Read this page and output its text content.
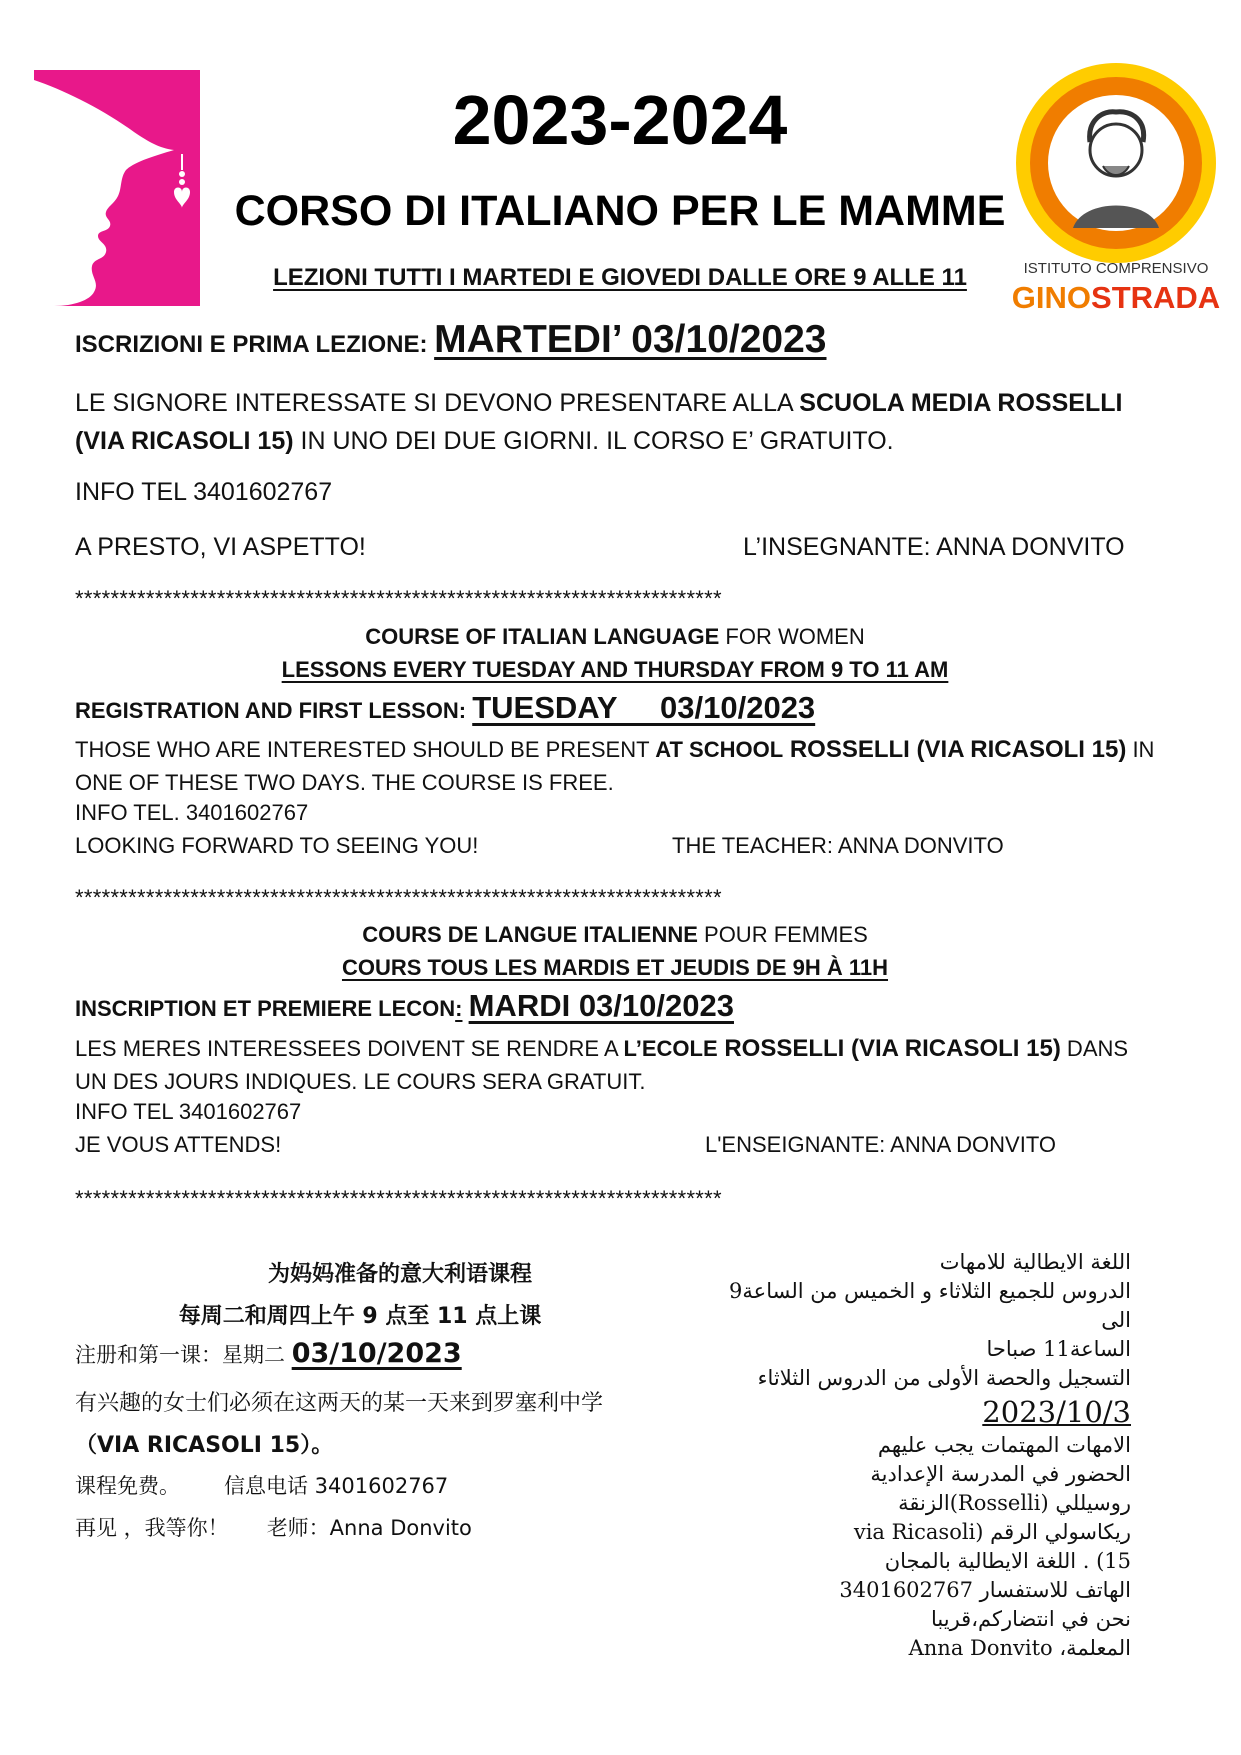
ISTITUTO COMPRENSIVO
GINOSTRADA
2023-2024
CORSO DI ITALIANO PER LE MAMME
LEZIONI TUTTI I MARTEDI E GIOVEDI DALLE ORE 9 ALLE 11
ISCRIZIONI E PRIMA LEZIONE: MARTEDI’ 03/10/2023
LE SIGNORE INTERESSATE SI DEVONO PRESENTARE ALLA SCUOLA MEDIA ROSSELLI (VIA RICASOLI 15) IN UNO DEI DUE GIORNI. IL CORSO E’ GRATUITO.
INFO TEL 3401602767
A PRESTO, VI ASPETTO!	L’INSEGNANTE: ANNA DONVITO
*************************************************************************
COURSE OF ITALIAN LANGUAGE FOR WOMEN
LESSONS EVERY TUESDAY AND THURSDAY FROM 9 TO 11 AM
REGISTRATION AND FIRST LESSON: TUESDAY     03/10/2023
THOSE WHO ARE INTERESTED SHOULD BE PRESENT AT SCHOOL ROSSELLI (VIA RICASOLI 15) IN ONE OF THESE TWO DAYS. THE COURSE IS FREE.
INFO TEL. 3401602767
LOOKING FORWARD TO SEEING YOU!	THE TEACHER: ANNA DONVITO
*************************************************************************
COURS DE LANGUE ITALIENNE POUR FEMMES
COURS TOUS LES MARDIS ET JEUDIS DE 9H À 11H
INSCRIPTION ET PREMIERE LECON: MARDI 03/10/2023
LES MERES INTERESSEES DOIVENT SE RENDRE A L’ECOLE ROSSELLI (VIA RICASOLI 15) DANS UN DES JOURS INDIQUES. LE COURS SERA GRATUIT.
INFO TEL 3401602767
JE VOUS ATTENDS!	L'ENSEIGNANTE: ANNA DONVITO
*************************************************************************
为妈妈准备的意大利语课程
每周二和周四上午 9 点至 11 点上课
注册和第一课：星期二 03/10/2023
有兴趣的女士们必须在这两天的某一天来到罗塞利中学
（VIA RICASOLI 15）。
课程免费。 信息电话 3401602767
再见 ，我等你！ 老师：Anna Donvito
اللغة الايطالية للامهات
الدروس للجميع الثلاثاء و الخميس من الساعة9 الى
الساعة11 صباحا
التسجيل والحصة الأولى من الدروس الثلاثاء
2023/10/3
الامهات المهتمات يجب عليهم
الحضور في المدرسة الإعدادية
روسيللي (Rosselli)الزنقة
ريكاسولي الرقم (via Ricasoli
15) . اللغة الايطالية بالمجان
الهاتف للاستفسار 3401602767
نحن في انتضاركم،قريبا
المعلمة، Anna Donvito
